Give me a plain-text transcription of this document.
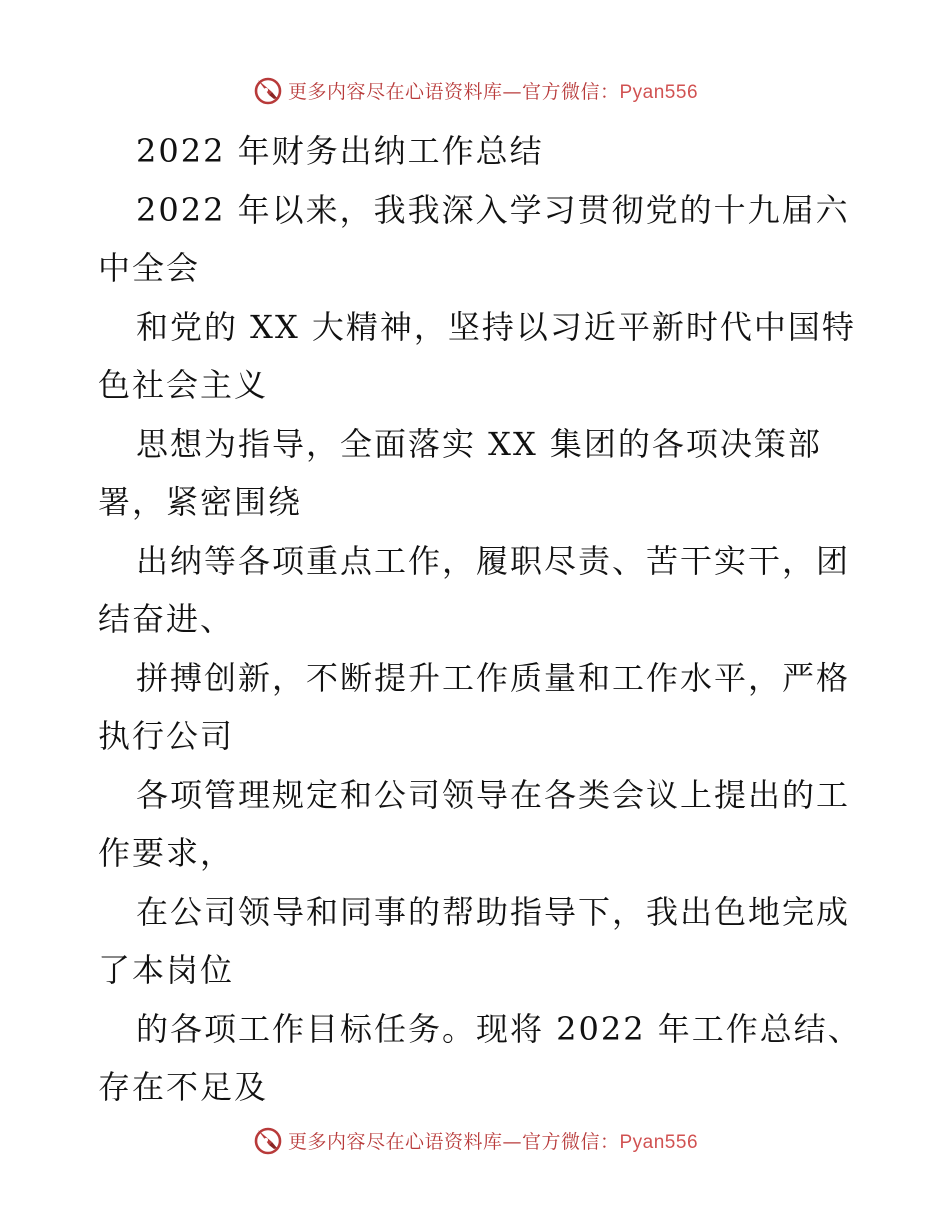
更多内容尽在心语资料库—官方微信：Pyan556
2022 年财务出纳工作总结
2022 年以来，我我深入学习贯彻党的十九届六
中全会
和党的 XX 大精神，坚持以习近平新时代中国特
色社会主义
思想为指导，全面落实 XX 集团的各项决策部
署，紧密围绕
出纳等各项重点工作，履职尽责、苦干实干，团
结奋进、
拼搏创新，不断提升工作质量和工作水平，严格
执行公司
各项管理规定和公司领导在各类会议上提出的工
作要求，
在公司领导和同事的帮助指导下，我出色地完成
了本岗位
的各项工作目标任务。现将 2022 年工作总结、
存在不足及
更多内容尽在心语资料库—官方微信：Pyan556
